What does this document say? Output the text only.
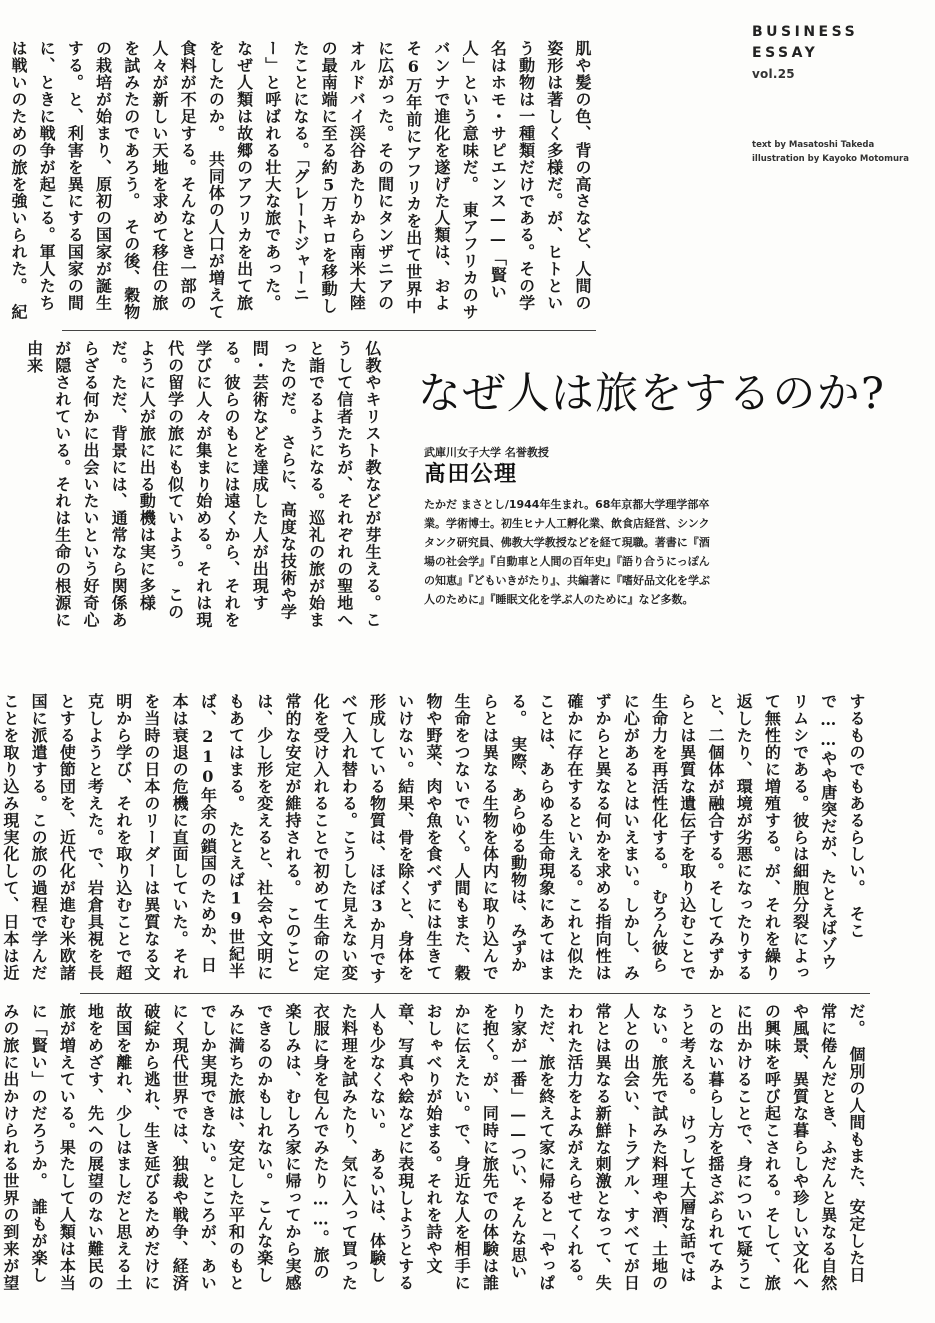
BUSINESS
ESSAY
vol.25
text by Masatoshi Takeda
illustration by Kayoko Motomura

肌や髪の色、背の高さなど、人間の姿形は著しく多様だ。が、ヒトという動物は一種類だけである。その学名はホモ・サピエンス——「賢い人」という意味だ。　東アフリカのサバンナで進化を遂げた人類は、およそ6万年前にアフリカを出て世界中に広がった。その間にタンザニアのオルドバイ渓谷あたりから南米大陸の最南端に至る約5万キロを移動したことになる。「グレートジャーニー」と呼ばれる壮大な旅であった。　なぜ人類は故郷のアフリカを出て旅をしたのか。　共同体の人口が増えて食料が不足する。そんなとき一部の人々が新しい天地を求めて移住の旅を試みたのであろう。　その後、穀物の栽培が始まり、原初の国家が誕生する。と、利害を異にする国家の間に、ときに戦争が起こる。軍人たちは戦いのための旅を強いられた。　紀

仏教やキリスト教などが芽生える。こうして信者たちが、それぞれの聖地へと詣でるようになる。巡礼の旅が始まったのだ。　さらに、高度な技術や学問・芸術などを達成した人が出現する。彼らのもとには遠くから、それを学びに人々が集まり始める。それは現代の留学の旅にも似ていよう。　このように人が旅に出る動機は実に多様だ。ただ、背景には、通常なら関係あらざる何かに出会いたいという好奇心が隠されている。それは生命の根源に由来

なぜ人は旅をするのか?
武庫川女子大学 名誉教授
髙田公理

たかだ まさとし/1944年生まれ。68年京都大学理学部卒業。学術博士。初生ヒナ人工孵化業、飲食店経営、シンクタンク研究員、佛教大学教授などを経て現職。著書に『酒場の社会学』『自動車と人間の百年史』『語り合うにっぽんの知恵』『どもいきがたり』、共編著に『嗜好品文化を学ぶ人のために』『睡眠文化を学ぶ人のために』など多数。

するものでもあるらしい。　そこで……やや唐突だが、たとえばゾウリムシである。彼らは細胞分裂によって無性的に増殖する。が、それを繰り返したり、環境が劣悪になったりすると、二個体が融合する。そしてみずからとは異質な遺伝子を取り込むことで生命力を再活性化する。　むろん彼らに心があるとはいえまい。しかし、みずからと異なる何かを求める指向性は確かに存在するといえる。これと似たことは、あらゆる生命現象にあてはまる。　実際、あらゆる動物は、みずからとは異なる生物を体内に取り込んで生命をつないでいく。人間もまた、穀物や野菜、肉や魚を食べずには生きていけない。結果、骨を除くと、身体を形成している物質は、ほぼ3か月ですべて入れ替わる。こうした見えない変化を受け入れることで初めて生命の定常的な安定が維持される。　このことは、少し形を変えると、社会や文明にもあてはまる。　たとえば19世紀半ば、210年余の鎖国のためか、日本は衰退の危機に直面していた。それを当時の日本のリーダーは異質なる文明から学び、それを取り込むことで超克しようと考えた。で、岩倉具視を長とする使節団を、近代化が進む米欧諸国に派遣する。この旅の過程で学んだことを取り込み現実化して、日本は近

だ。　個別の人間もまた、安定した日常に倦んだとき、ふだんと異なる自然や風景、異質な暮らしや珍しい文化への興味を呼び起こされる。そして、旅に出かけることで、身について疑うことのない暮らし方を揺さぶられてみようと考える。　けっして大層な話ではない。旅先で試みた料理や酒、土地の人との出会い、トラブル、すべてが日常とは異なる新鮮な刺激となって、失われた活力をよみがえらせてくれる。　ただ、旅を終えて家に帰ると「やっぱり家が一番」——つい、そんな思いを抱く。が、同時に旅先での体験は誰かに伝えたい。で、身近な人を相手におしゃべりが始まる。それを詩や文章、写真や絵などに表現しようとする人も少なくない。　あるいは、体験した料理を試みたり、気に入って買った衣服に身を包んでみたり……。旅の楽しみは、むしろ家に帰ってから実感できるのかもしれない。　こんな楽しみに満ちた旅は、安定した平和のもとでしか実現できない。ところが、あいにく現代世界では、独裁や戦争、経済破綻から逃れ、生き延びるためだけに故国を離れ、少しはましだと思える土地をめざす、先への展望のない難民の旅が増えている。果たして人類は本当に「賢い」のだろうか。　誰もが楽しみの旅に出かけられる世界の到来が望
